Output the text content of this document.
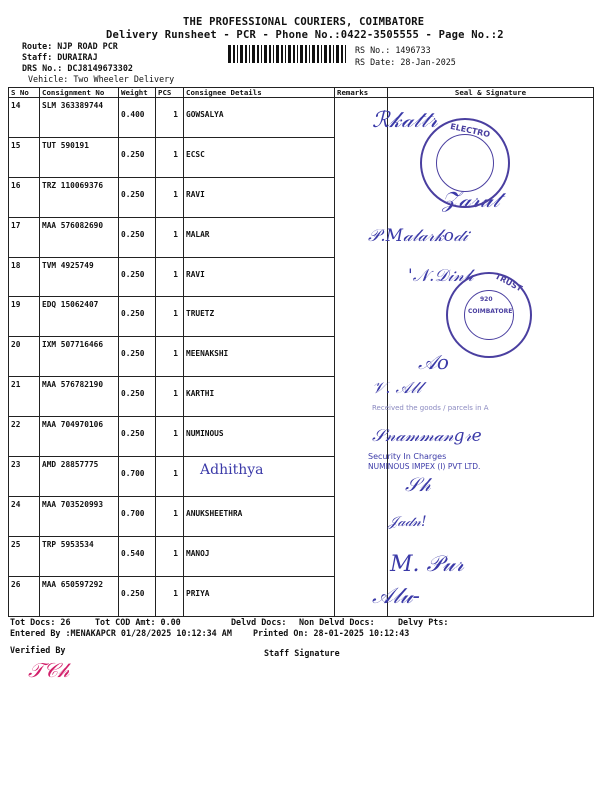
THE PROFESSIONAL COURIERS, COIMBATORE
Delivery Runsheet - PCR - Phone No.:0422-3505555 - Page No.:2
Route: NJP ROAD PCR
Staff: DURAIRAJ
DRS No.: DCJ8149673302
Vehicle: Two Wheeler Delivery
RS No.: 1496733
RS Date: 28-Jan-2025
S No	Consignment No	Weight	PCS	Consignee Details	Remarks	Seal & Signature
14	SLM 363389744	0.400	1	GOWSALYA		
15	TUT 590191	0.250	1	ECSC		
16	TRZ 110069376	0.250	1	RAVI		
17	MAA 576082690	0.250	1	MALAR		
18	TVM 4925749	0.250	1	RAVI		
19	EDQ 15062407	0.250	1	TRUETZ		
20	IXM 507716466	0.250	1	MEENAKSHI		
21	MAA 576782190	0.250	1	KARTHI		
22	MAA 704970106	0.250	1	NUMINOUS		
23	AMD 28857775	0.700	1			
24	MAA 703520993	0.700	1	ANUKSHEETHRA		
25	TRP 5953534	0.540	1	MANOJ		
26	MAA 650597292	0.250	1	PRIYA		
ℛ𝓀𝒶𝓉𝓉𝓇
𝒵𝒶𝓇𝓊𝓉
𝒫.𝑀𝒶𝓁𝒶𝓇𝓀𝑜𝒹𝒾
'𝒩.𝒟𝒾𝓃𝒽
𝒜𝑜
𝒱. 𝒜𝓁𝓁
Received the goods / parcels in A
𝒮𝓃𝒶𝓂𝓂𝒶𝓃𝑔𝓇𝑒
Security In Charges
NUMINOUS IMPEX (I) PVT LTD.
𝒮𝒽
Adhithya
𝒥𝒶𝒹𝓃!
𝑀. 𝒫𝓊𝓇
𝒜𝓁𝓊-
ELECTRO
TRUST
COIMBATORE
920
Tot Docs: 26	Tot COD Amt: 0.00	Delvd Docs: Non Delvd Docs:	Delvy Pts:
Entered By :MENAKAPCR 01/28/2025 10:12:34 AM	Printed On: 28-01-2025 10:12:43
Verified By	Staff Signature
𝒯𝒞𝒽
